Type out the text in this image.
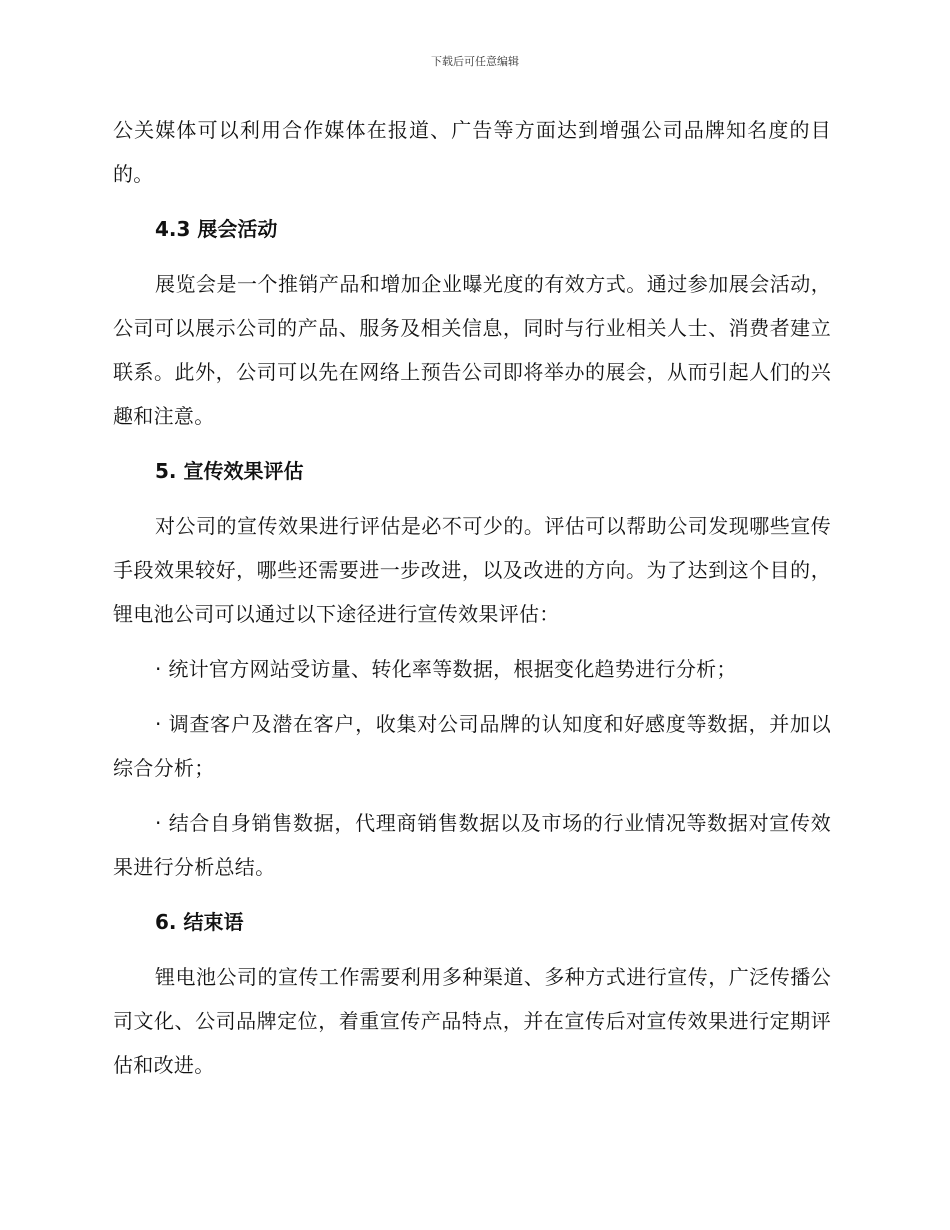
下载后可任意编辑

公关媒体可以利用合作媒体在报道、广告等方面达到增强公司品牌知名度的目的。

4.3 展会活动

展览会是一个推销产品和增加企业曝光度的有效方式。通过参加展会活动，公司可以展示公司的产品、服务及相关信息，同时与行业相关人士、消费者建立联系。此外，公司可以先在网络上预告公司即将举办的展会，从而引起人们的兴趣和注意。

5. 宣传效果评估

对公司的宣传效果进行评估是必不可少的。评估可以帮助公司发现哪些宣传手段效果较好，哪些还需要进一步改进，以及改进的方向。为了达到这个目的，锂电池公司可以通过以下途径进行宣传效果评估：

· 统计官方网站受访量、转化率等数据，根据变化趋势进行分析；

· 调查客户及潜在客户，收集对公司品牌的认知度和好感度等数据，并加以综合分析；

· 结合自身销售数据，代理商销售数据以及市场的行业情况等数据对宣传效果进行分析总结。

6. 结束语

锂电池公司的宣传工作需要利用多种渠道、多种方式进行宣传，广泛传播公司文化、公司品牌定位，着重宣传产品特点，并在宣传后对宣传效果进行定期评估和改进。
